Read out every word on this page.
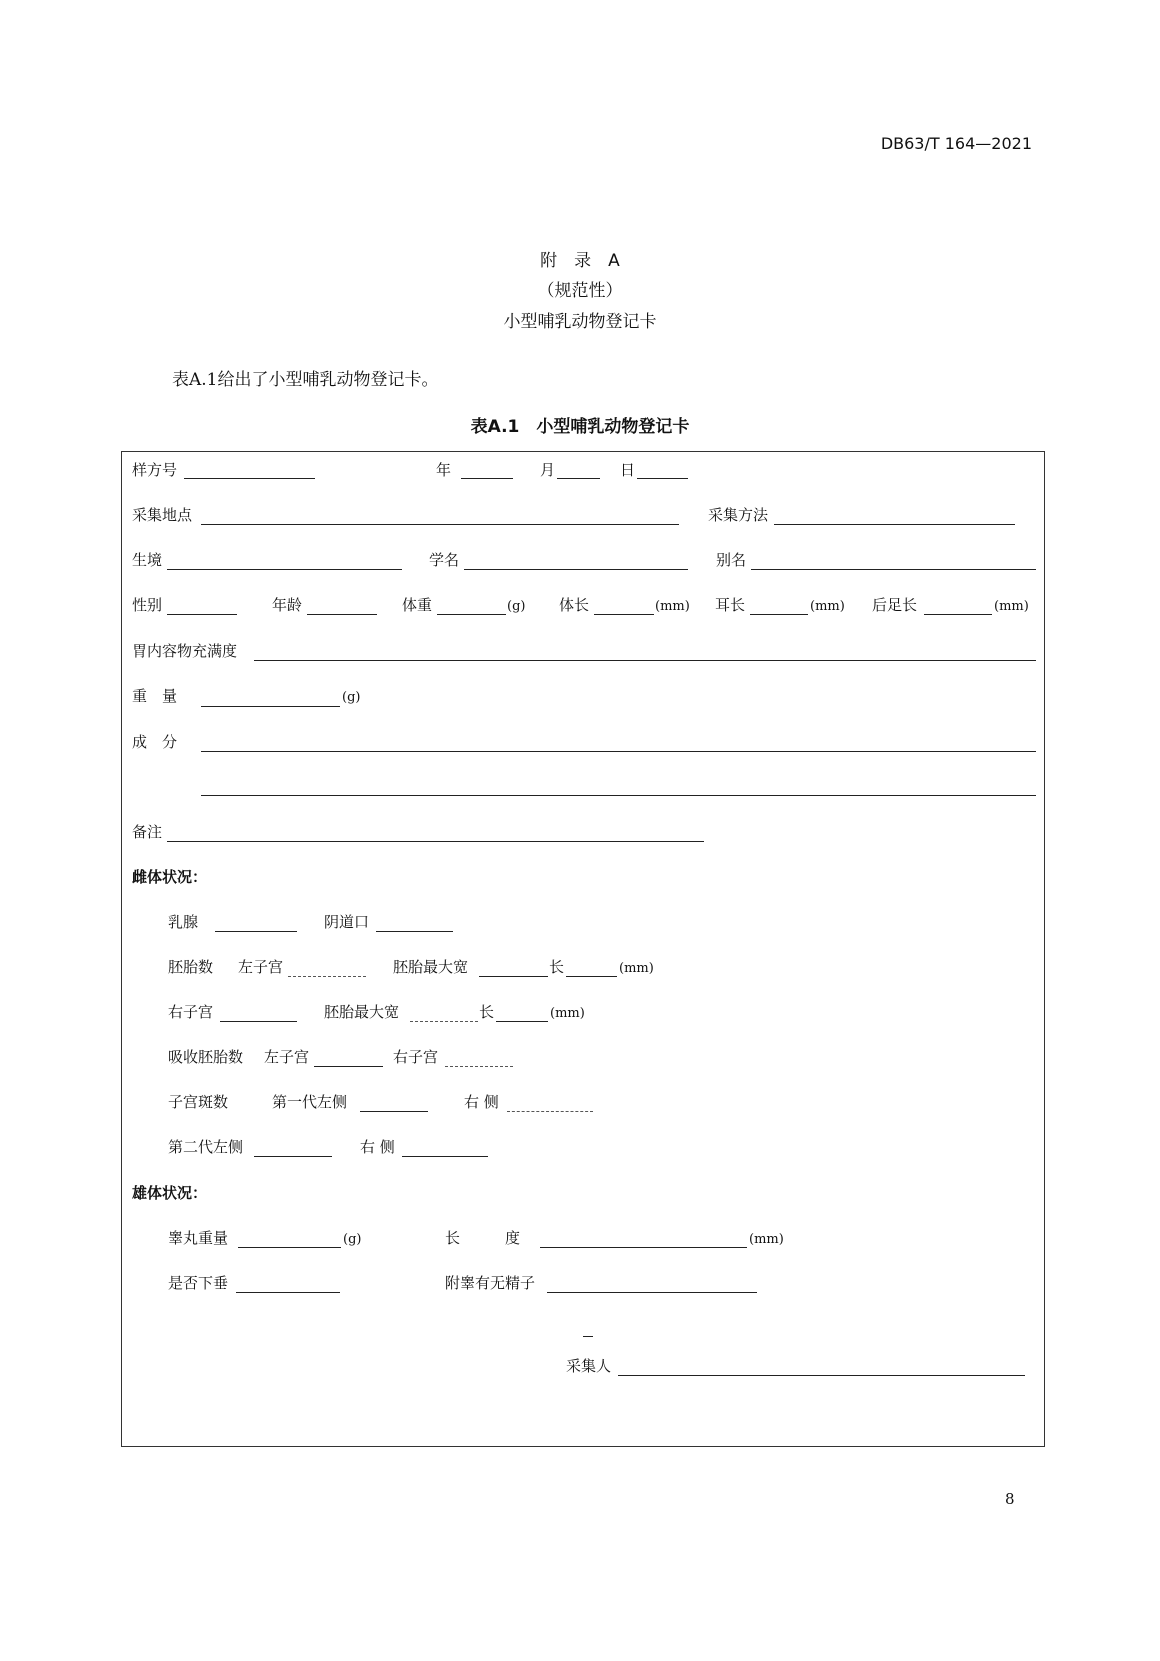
DB63/T 164—2021
附　录　A
（规范性）
小型哺乳动物登记卡
表A.1给出了小型哺乳动物登记卡。
表A.1　小型哺乳动物登记卡
样方号	年	月	日
采集地点	采集方法
生境	学名	别名
性别	年龄	体重	(g) 体长	(mm) 耳长	(mm) 后足长	(mm)
胃内容物充满度
重　量	(g)
成　分
备注
雌体状况：
乳腺	阴道口
胚胎数 左子宫	胚胎最大宽	长	(mm)
右子宫	胚胎最大宽	长	(mm)
吸收胚胎数 左子宫	右子宫
子宫斑数	第一代左侧	右 侧
第二代左侧	右 侧
雄体状况：
睾丸重量	(g)	长　　　度	(mm)
是否下垂	附睾有无精子
采集人
8
